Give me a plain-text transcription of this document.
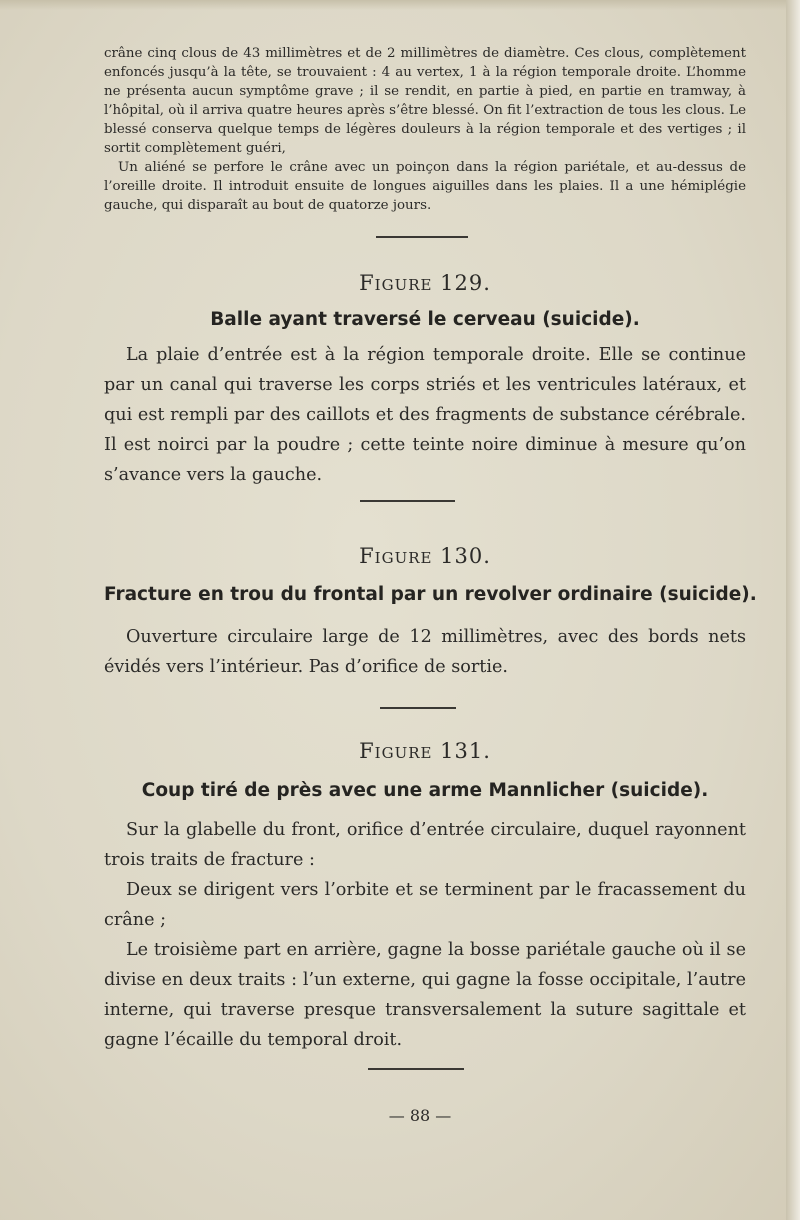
crâne cinq clous de 43 millimètres et de 2 millimètres de diamètre. Ces clous, complètement enfoncés jusqu’à la tête, se trouvaient : 4 au vertex, 1 à la région temporale droite. L’homme ne présenta aucun symptôme grave ; il se rendit, en partie à pied, en partie en tramway, à l’hôpital, où il arriva quatre heures après s’être blessé. On fit l’extraction de tous les clous. Le blessé conserva quelque temps de légères douleurs à la région temporale et des vertiges ; il sortit complètement guéri,

Un aliéné se perfore le crâne avec un poinçon dans la région pariétale, et au-dessus de l’oreille droite. Il introduit ensuite de longues aiguilles dans les plaies. Il a une hémiplégie gauche, qui disparaît au bout de quatorze jours.

Figure 129.
Balle ayant traversé le cerveau (suicide).

La plaie d’entrée est à la région temporale droite. Elle se continue par un canal qui traverse les corps striés et les ventricules latéraux, et qui est rempli par des caillots et des fragments de substance cérébrale. Il est noirci par la poudre ; cette teinte noire diminue à mesure qu’on s’avance vers la gauche.

Figure 130.
Fracture en trou du frontal par un revolver ordinaire (suicide).

Ouverture circulaire large de 12 millimètres, avec des bords nets évidés vers l’intérieur. Pas d’orifice de sortie.

Figure 131.
Coup tiré de près avec une arme Mannlicher (suicide).

Sur la glabelle du front, orifice d’entrée circulaire, duquel rayonnent trois traits de fracture :

Deux se dirigent vers l’orbite et se terminent par le fracassement du crâne ;

Le troisième part en arrière, gagne la bosse pariétale gauche où il se divise en deux traits : l’un externe, qui gagne la fosse occipitale, l’autre interne, qui traverse presque transversalement la suture sagittale et gagne l’écaille du temporal droit.

— 88 —
